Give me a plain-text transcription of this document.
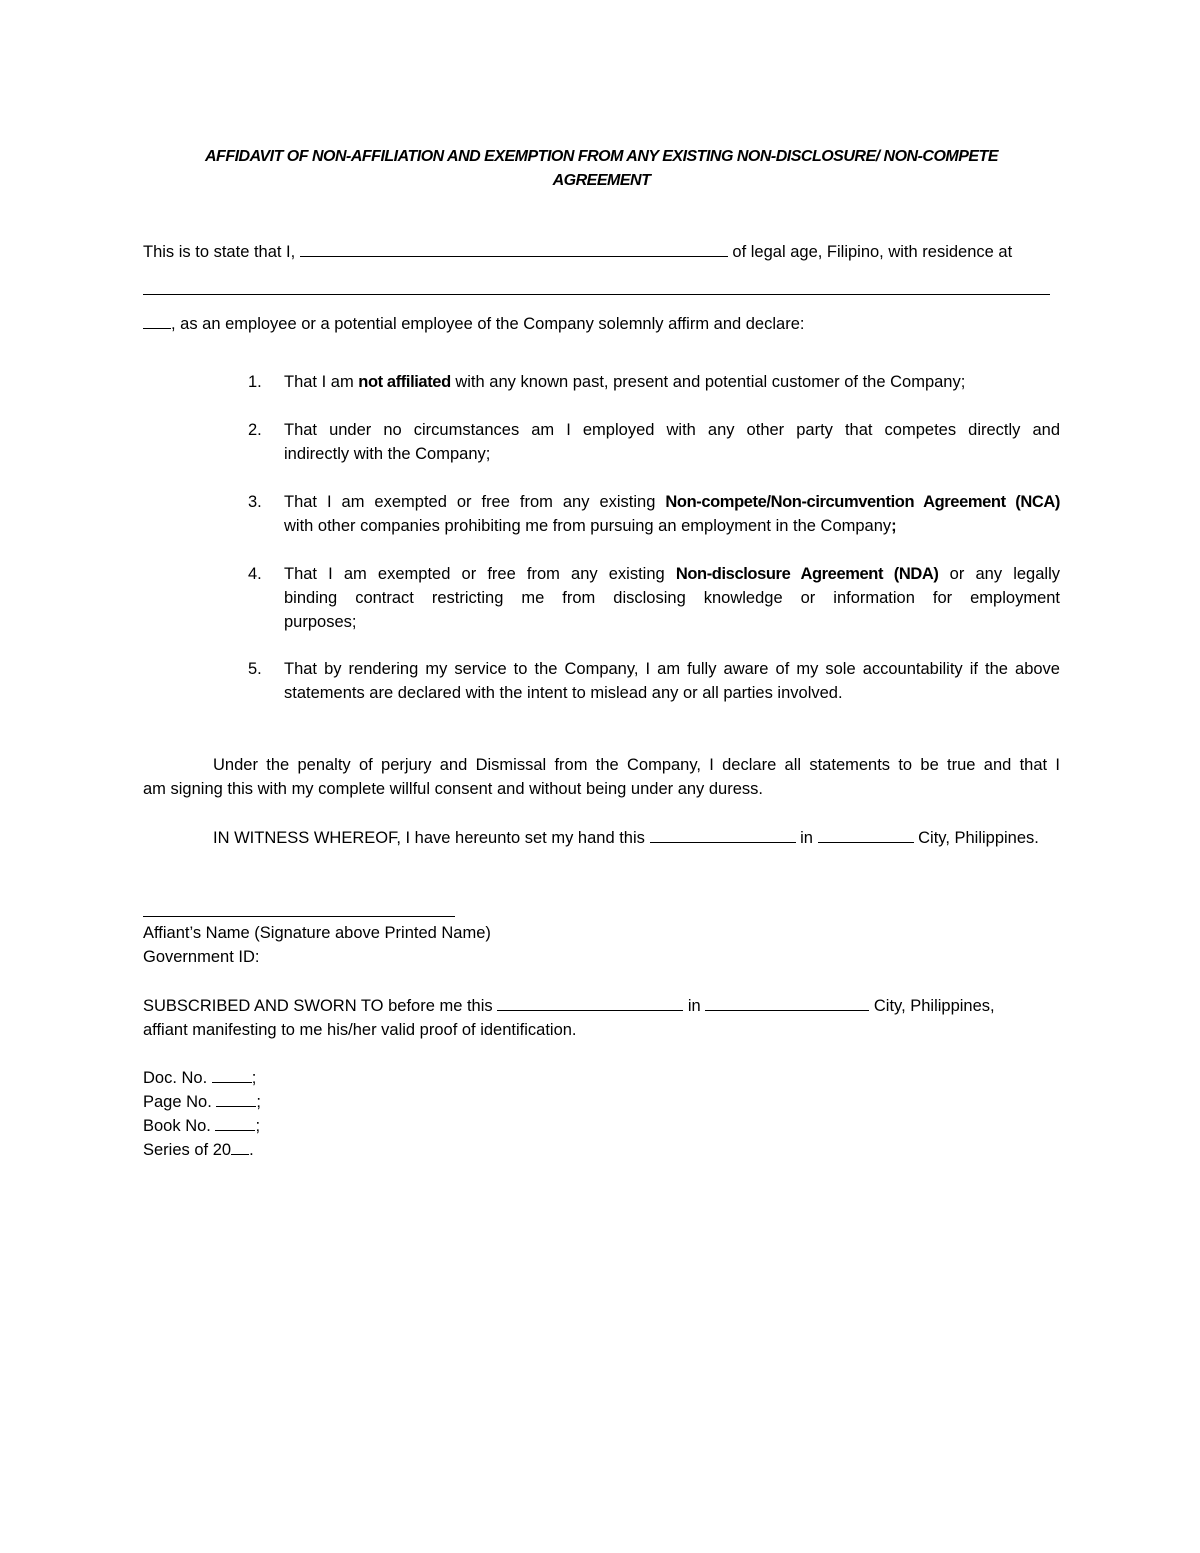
AFFIDAVIT OF NON-AFFILIATION AND EXEMPTION FROM ANY EXISTING NON-DISCLOSURE/ NON-COMPETE
AGREEMENT
This is to state that I,	of legal age, Filipino, with residence at
, as an employee or a potential employee of the Company solemnly affirm and declare:
1. That I am not affiliated with any known past, present and potential customer of the Company;
2. That under no circumstances am I employed with any other party that competes directly and
indirectly with the Company;
3. That I am exempted or free from any existing Non-compete/Non-circumvention Agreement (NCA)
with other companies prohibiting me from pursuing an employment in the Company;
4. That I am exempted or free from any existing Non-disclosure Agreement (NDA) or any legally
binding contract restricting me from disclosing knowledge or information for employment
purposes;
5. That by rendering my service to the Company, I am fully aware of my sole accountability if the above
statements are declared with the intent to mislead any or all parties involved.
Under the penalty of perjury and Dismissal from the Company, I declare all statements to be true and that I
am signing this with my complete willful consent and without being under any duress.
IN WITNESS WHEREOF, I have hereunto set my hand this	in	City, Philippines.
Affiant’s Name (Signature above Printed Name)
Government ID:
SUBSCRIBED AND SWORN TO before me this	in	City, Philippines,
affiant manifesting to me his/her valid proof of identification.
Doc. No. ;
Page No. ;
Book No. ;
Series of 20 .
